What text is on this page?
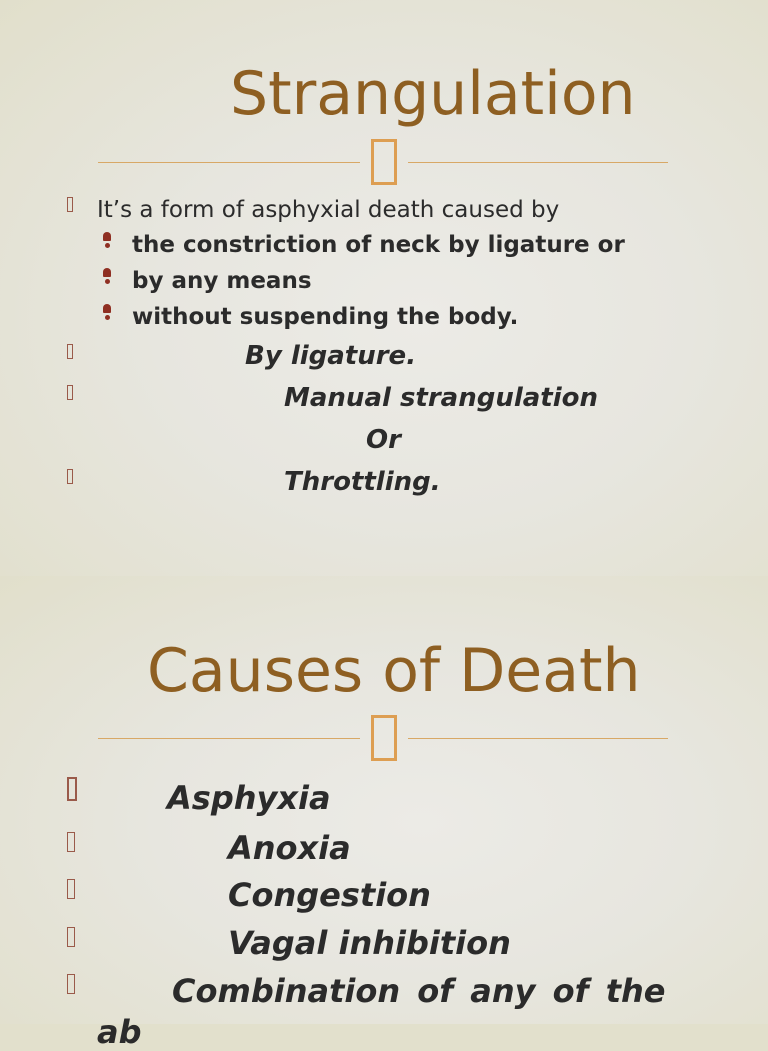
Strangulation
It’s a form of asphyxial death caused by
the constriction of neck by ligature or
by any means
without suspending the body.
By ligature.
Manual strangulation
Or
Throttling.
Causes of Death
Asphyxia
Anoxia
Congestion
Vagal inhibition
Combination of any of the
ab
